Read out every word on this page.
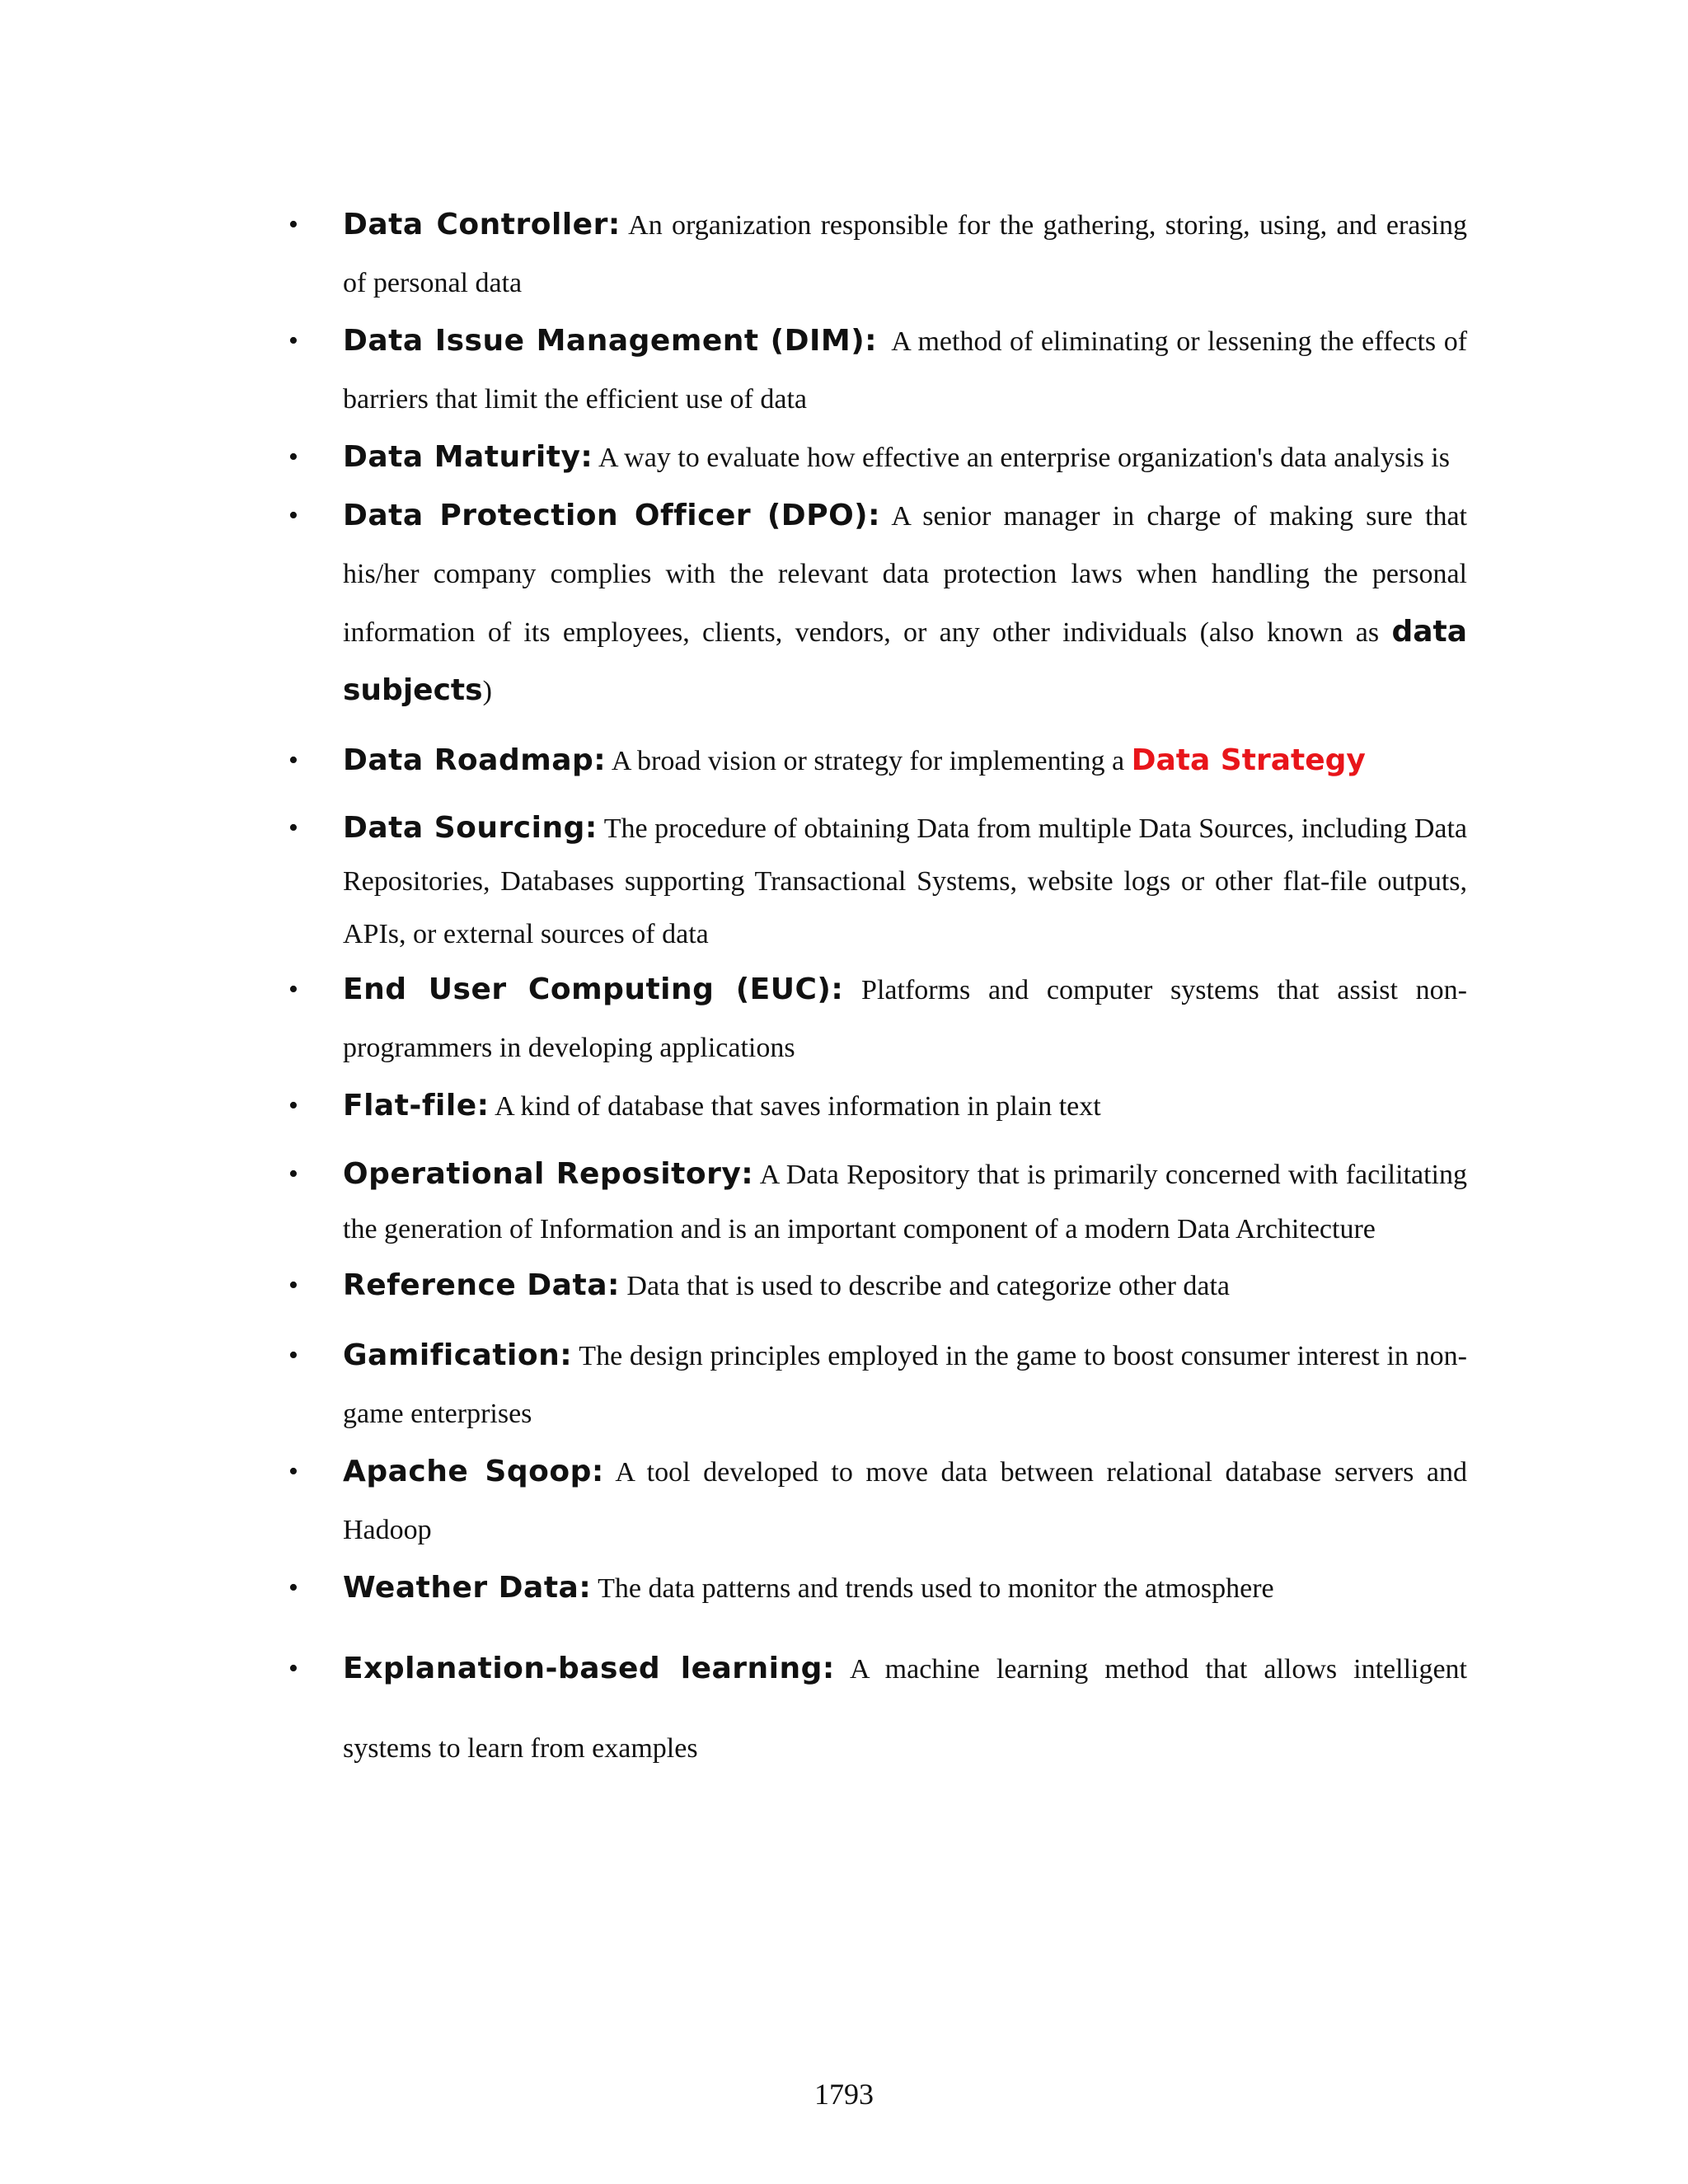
• Data Controller: An organization responsible for the gathering, storing, using, and erasing of personal data
• Data Issue Management (DIM): A method of eliminating or lessening the effects of barriers that limit the efficient use of data
• Data Maturity: A way to evaluate how effective an enterprise organization's data analysis is
• Data Protection Officer (DPO): A senior manager in charge of making sure that his/her company complies with the relevant data protection laws when handling the personal information of its employees, clients, vendors, or any other individuals (also known as data subjects)
• Data Roadmap: A broad vision or strategy for implementing a Data Strategy
• Data Sourcing: The procedure of obtaining Data from multiple Data Sources, including Data Repositories, Databases supporting Transactional Systems, website logs or other flat-file outputs, APIs, or external sources of data
• End User Computing (EUC): Platforms and computer systems that assist non-programmers in developing applications
• Flat-file: A kind of database that saves information in plain text
• Operational Repository: A Data Repository that is primarily concerned with facilitating the generation of Information and is an important component of a modern Data Architecture
• Reference Data: Data that is used to describe and categorize other data
• Gamification: The design principles employed in the game to boost consumer interest in non-game enterprises
• Apache Sqoop: A tool developed to move data between relational database servers and Hadoop
• Weather Data: The data patterns and trends used to monitor the atmosphere
• Explanation-based learning: A machine learning method that allows intelligent systems to learn from examples
1793
